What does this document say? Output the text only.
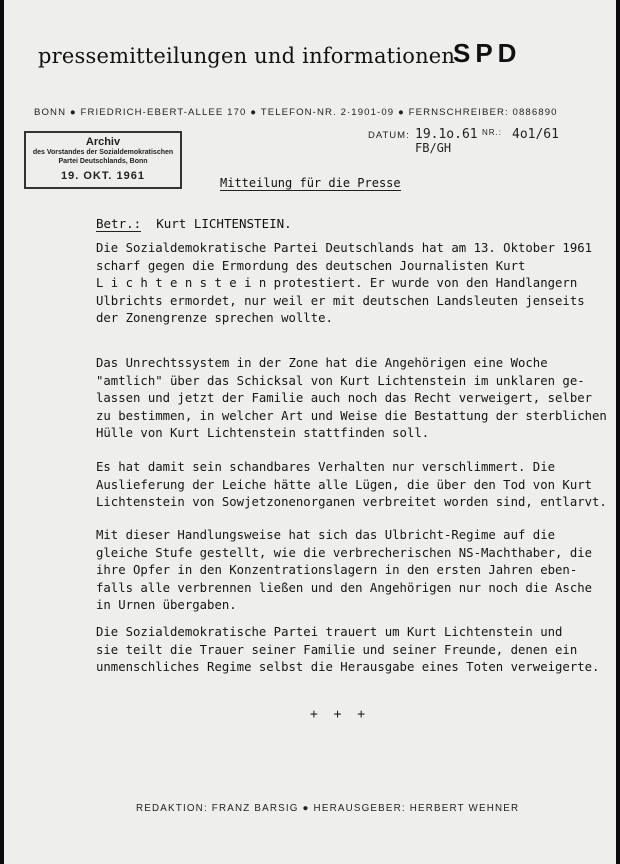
pressemitteilungen und informationen
SPD
BONN ● FRIEDRICH-EBERT-ALLEE 170 ● TELEFON-NR. 2·1901-09 ● FERNSCHREIBER: 0886890
Archiv
des Vorstandes der Sozialdemokratischen
Partei Deutschlands, Bonn
19. OKT. 1961
DATUM: 19.1o.61 NR.: 4o1/61
FB/GH
Mitteilung für die Presse
Betr.: Kurt LICHTENSTEIN.
Die Sozialdemokratische Partei Deutschlands hat am 13. Oktober 1961
scharf gegen die Ermordung des deutschen Journalisten Kurt
L i c h t e n s t e i n protestiert. Er wurde von den Handlangern
Ulbrichts ermordet, nur weil er mit deutschen Landsleuten jenseits
der Zonengrenze sprechen wollte.
Das Unrechtssystem in der Zone hat die Angehörigen eine Woche
"amtlich" über das Schicksal von Kurt Lichtenstein im unklaren ge-
lassen und jetzt der Familie auch noch das Recht verweigert, selber
zu bestimmen, in welcher Art und Weise die Bestattung der sterblichen
Hülle von Kurt Lichtenstein stattfinden soll.
Es hat damit sein schandbares Verhalten nur verschlimmert. Die
Auslieferung der Leiche hätte alle Lügen, die über den Tod von Kurt
Lichtenstein von Sowjetzonenorganen verbreitet worden sind, entlarvt.
Mit dieser Handlungsweise hat sich das Ulbricht-Regime auf die
gleiche Stufe gestellt, wie die verbrecherischen NS-Machthaber, die
ihre Opfer in den Konzentrationslagern in den ersten Jahren eben-
falls alle verbrennen ließen und den Angehörigen nur noch die Asche
in Urnen übergaben.
Die Sozialdemokratische Partei trauert um Kurt Lichtenstein und
sie teilt die Trauer seiner Familie und seiner Freunde, denen ein
unmenschliches Regime selbst die Herausgabe eines Toten verweigerte.
+ + +
REDAKTION: FRANZ BARSIG ● HERAUSGEBER: HERBERT WEHNER
